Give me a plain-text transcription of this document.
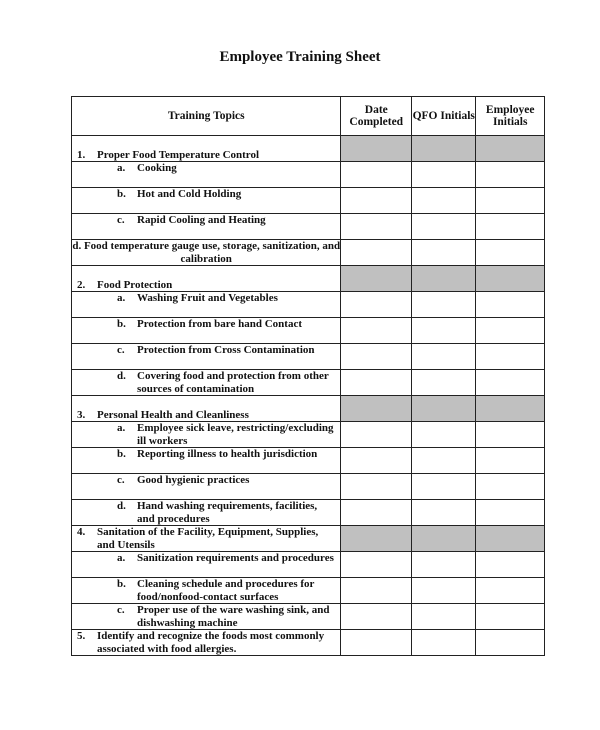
Employee Training Sheet
Training Topics	Date Completed	QFO Initials	Employee Initials
1. Proper Food Temperature Control			
a. Cooking			
b. Hot and Cold Holding			
c. Rapid Cooling and Heating			
d. Food temperature gauge use, storage, sanitization, and calibration			
2. Food Protection			
a. Washing Fruit and Vegetables			
b. Protection from bare hand Contact			
c. Protection from Cross Contamination			
d. Covering food and protection from other sources of contamination			
3. Personal Health and Cleanliness			
a. Employee sick leave, restricting/excluding ill workers			
b. Reporting illness to health jurisdiction			
c. Good hygienic practices			
d. Hand washing requirements, facilities, and procedures			
4. Sanitation of the Facility, Equipment, Supplies, and Utensils			
a. Sanitization requirements and procedures			
b. Cleaning schedule and procedures for food/nonfood-contact surfaces			
c. Proper use of the ware washing sink, and dishwashing machine			
5. Identify and recognize the foods most commonly associated with food allergies.			
